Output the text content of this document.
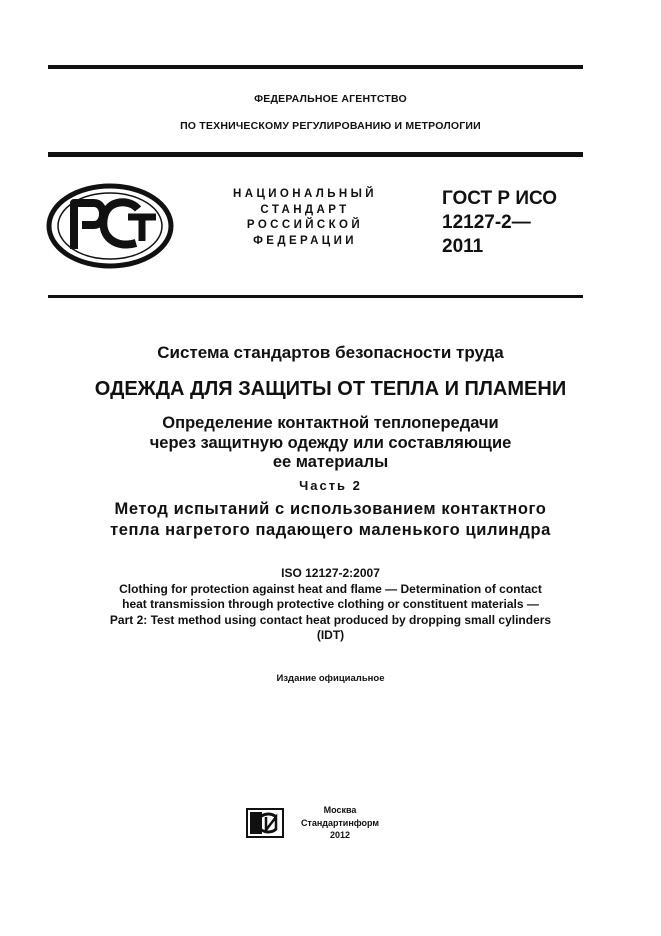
ФЕДЕРАЛЬНОЕ АГЕНТСТВО
ПО ТЕХНИЧЕСКОМУ РЕГУЛИРОВАНИЮ И МЕТРОЛОГИИ
НАЦИОНАЛЬНЫЙ
СТАНДАРТ
РОССИЙСКОЙ
ФЕДЕРАЦИИ
ГОСТ Р ИСО
12127-2—
2011
Система стандартов безопасности труда
ОДЕЖДА ДЛЯ ЗАЩИТЫ ОТ ТЕПЛА И ПЛАМЕНИ
Определение контактной теплопередачи
через защитную одежду или составляющие
ее материалы
Часть 2
Метод испытаний с использованием контактного
тепла нагретого падающего маленького цилиндра
ISO 12127-2:2007
Clothing for protection against heat and flame — Determination of contact
heat transmission through protective clothing or constituent materials —
Part 2: Test method using contact heat produced by dropping small cylinders
(IDT)
Издание официальное
Москва
Стандартинформ
2012
